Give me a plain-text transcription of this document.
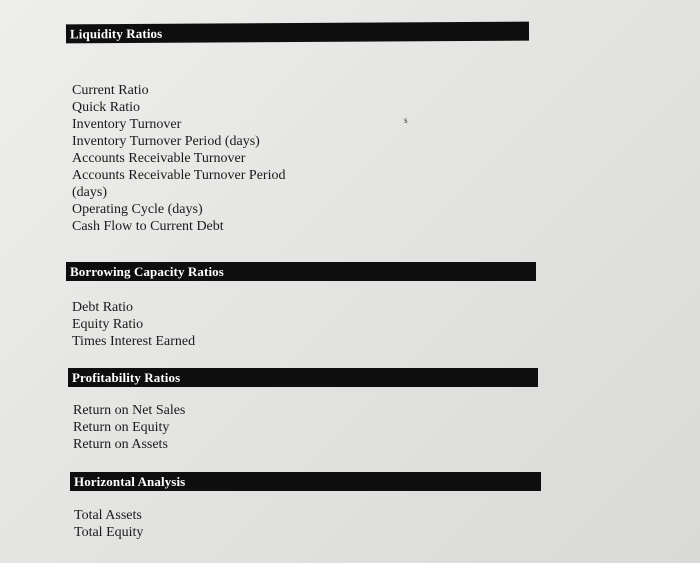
Liquidity Ratios
Current Ratio
Quick Ratio
Inventory Turnover
Inventory Turnover Period (days)
Accounts Receivable Turnover
Accounts Receivable Turnover Period
(days)
Operating Cycle (days)
Cash Flow to Current Debt
s
Borrowing Capacity Ratios
Debt Ratio
Equity Ratio
Times Interest Earned
Profitability Ratios
Return on Net Sales
Return on Equity
Return on Assets
Horizontal Analysis
Total Assets
Total Equity
